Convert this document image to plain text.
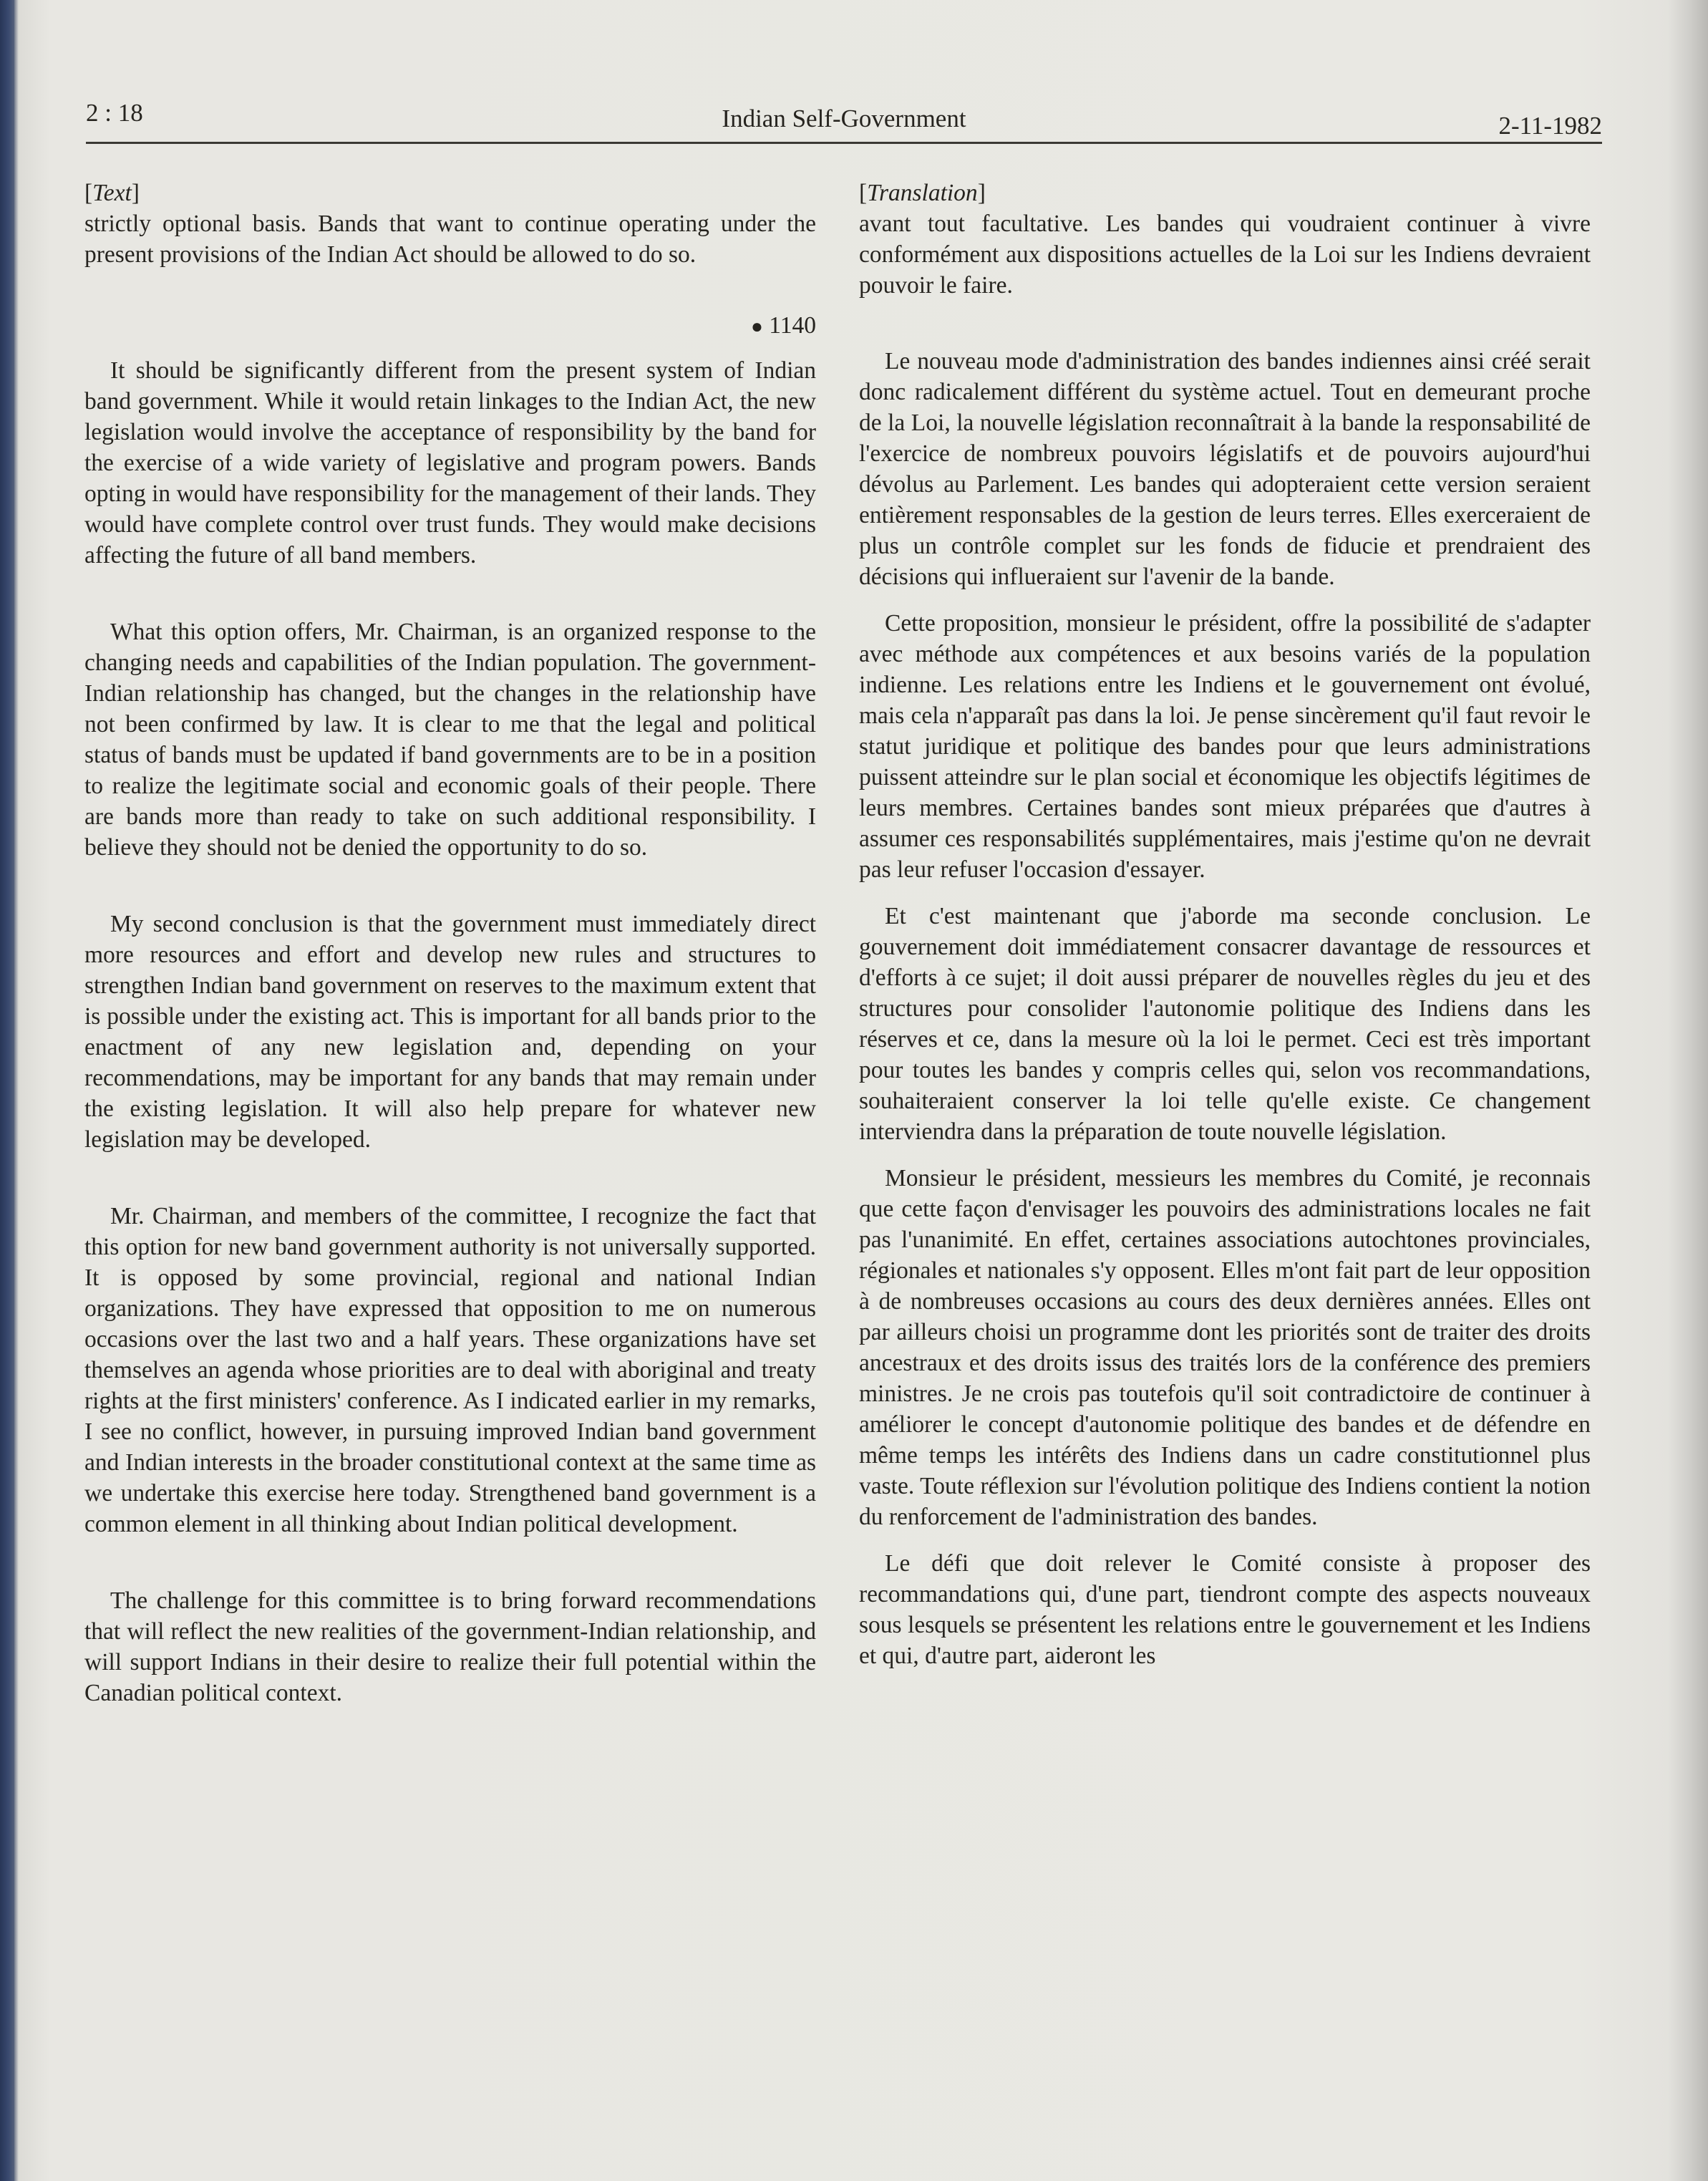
2 : 18	Indian Self-Government	2-11-1982

[Text]

strictly optional basis. Bands that want to continue operating under the present provisions of the Indian Act should be allowed to do so.

● 1140

It should be significantly different from the present system of Indian band government. While it would retain linkages to the Indian Act, the new legislation would involve the acceptance of responsibility by the band for the exercise of a wide variety of legislative and program powers. Bands opting in would have responsibility for the management of their lands. They would have complete control over trust funds. They would make decisions affecting the future of all band members.

What this option offers, Mr. Chairman, is an organized response to the changing needs and capabilities of the Indian population. The government-Indian relationship has changed, but the changes in the relationship have not been confirmed by law. It is clear to me that the legal and political status of bands must be updated if band governments are to be in a position to realize the legitimate social and economic goals of their people. There are bands more than ready to take on such additional responsibility. I believe they should not be denied the opportunity to do so.

My second conclusion is that the government must immediately direct more resources and effort and develop new rules and structures to strengthen Indian band government on reserves to the maximum extent that is possible under the existing act. This is important for all bands prior to the enactment of any new legislation and, depending on your recommendations, may be important for any bands that may remain under the existing legislation. It will also help prepare for whatever new legislation may be developed.

Mr. Chairman, and members of the committee, I recognize the fact that this option for new band government authority is not universally supported. It is opposed by some provincial, regional and national Indian organizations. They have expressed that opposition to me on numerous occasions over the last two and a half years. These organizations have set themselves an agenda whose priorities are to deal with aboriginal and treaty rights at the first ministers' conference. As I indicated earlier in my remarks, I see no conflict, however, in pursuing improved Indian band government and Indian interests in the broader constitutional context at the same time as we undertake this exercise here today. Strengthened band government is a common element in all thinking about Indian political development.

The challenge for this committee is to bring forward recommendations that will reflect the new realities of the government-Indian relationship, and will support Indians in their desire to realize their full potential within the Canadian political context.

[Translation]

avant tout facultative. Les bandes qui voudraient continuer à vivre conformément aux dispositions actuelles de la Loi sur les Indiens devraient pouvoir le faire.

Le nouveau mode d'administration des bandes indiennes ainsi créé serait donc radicalement différent du système actuel. Tout en demeurant proche de la Loi, la nouvelle législation reconnaîtrait à la bande la responsabilité de l'exercice de nombreux pouvoirs législatifs et de pouvoirs aujourd'hui dévolus au Parlement. Les bandes qui adopteraient cette version seraient entièrement responsables de la gestion de leurs terres. Elles exerceraient de plus un contrôle complet sur les fonds de fiducie et prendraient des décisions qui influeraient sur l'avenir de la bande.

Cette proposition, monsieur le président, offre la possibilité de s'adapter avec méthode aux compétences et aux besoins variés de la population indienne. Les relations entre les Indiens et le gouvernement ont évolué, mais cela n'apparaît pas dans la loi. Je pense sincèrement qu'il faut revoir le statut juridique et politique des bandes pour que leurs administrations puissent atteindre sur le plan social et économique les objectifs légitimes de leurs membres. Certaines bandes sont mieux préparées que d'autres à assumer ces responsabilités supplémentaires, mais j'estime qu'on ne devrait pas leur refuser l'occasion d'essayer.

Et c'est maintenant que j'aborde ma seconde conclusion. Le gouvernement doit immédiatement consacrer davantage de ressources et d'efforts à ce sujet; il doit aussi préparer de nouvelles règles du jeu et des structures pour consolider l'autonomie politique des Indiens dans les réserves et ce, dans la mesure où la loi le permet. Ceci est très important pour toutes les bandes y compris celles qui, selon vos recommandations, souhaiteraient conserver la loi telle qu'elle existe. Ce changement interviendra dans la préparation de toute nouvelle législation.

Monsieur le président, messieurs les membres du Comité, je reconnais que cette façon d'envisager les pouvoirs des administrations locales ne fait pas l'unanimité. En effet, certaines associations autochtones provinciales, régionales et nationales s'y opposent. Elles m'ont fait part de leur opposition à de nombreuses occasions au cours des deux dernières années. Elles ont par ailleurs choisi un programme dont les priorités sont de traiter des droits ancestraux et des droits issus des traités lors de la conférence des premiers ministres. Je ne crois pas toutefois qu'il soit contradictoire de continuer à améliorer le concept d'autonomie politique des bandes et de défendre en même temps les intérêts des Indiens dans un cadre constitutionnel plus vaste. Toute réflexion sur l'évolution politique des Indiens contient la notion du renforcement de l'administration des bandes.

Le défi que doit relever le Comité consiste à proposer des recommandations qui, d'une part, tiendront compte des aspects nouveaux sous lesquels se présentent les relations entre le gouvernement et les Indiens et qui, d'autre part, aideront les
